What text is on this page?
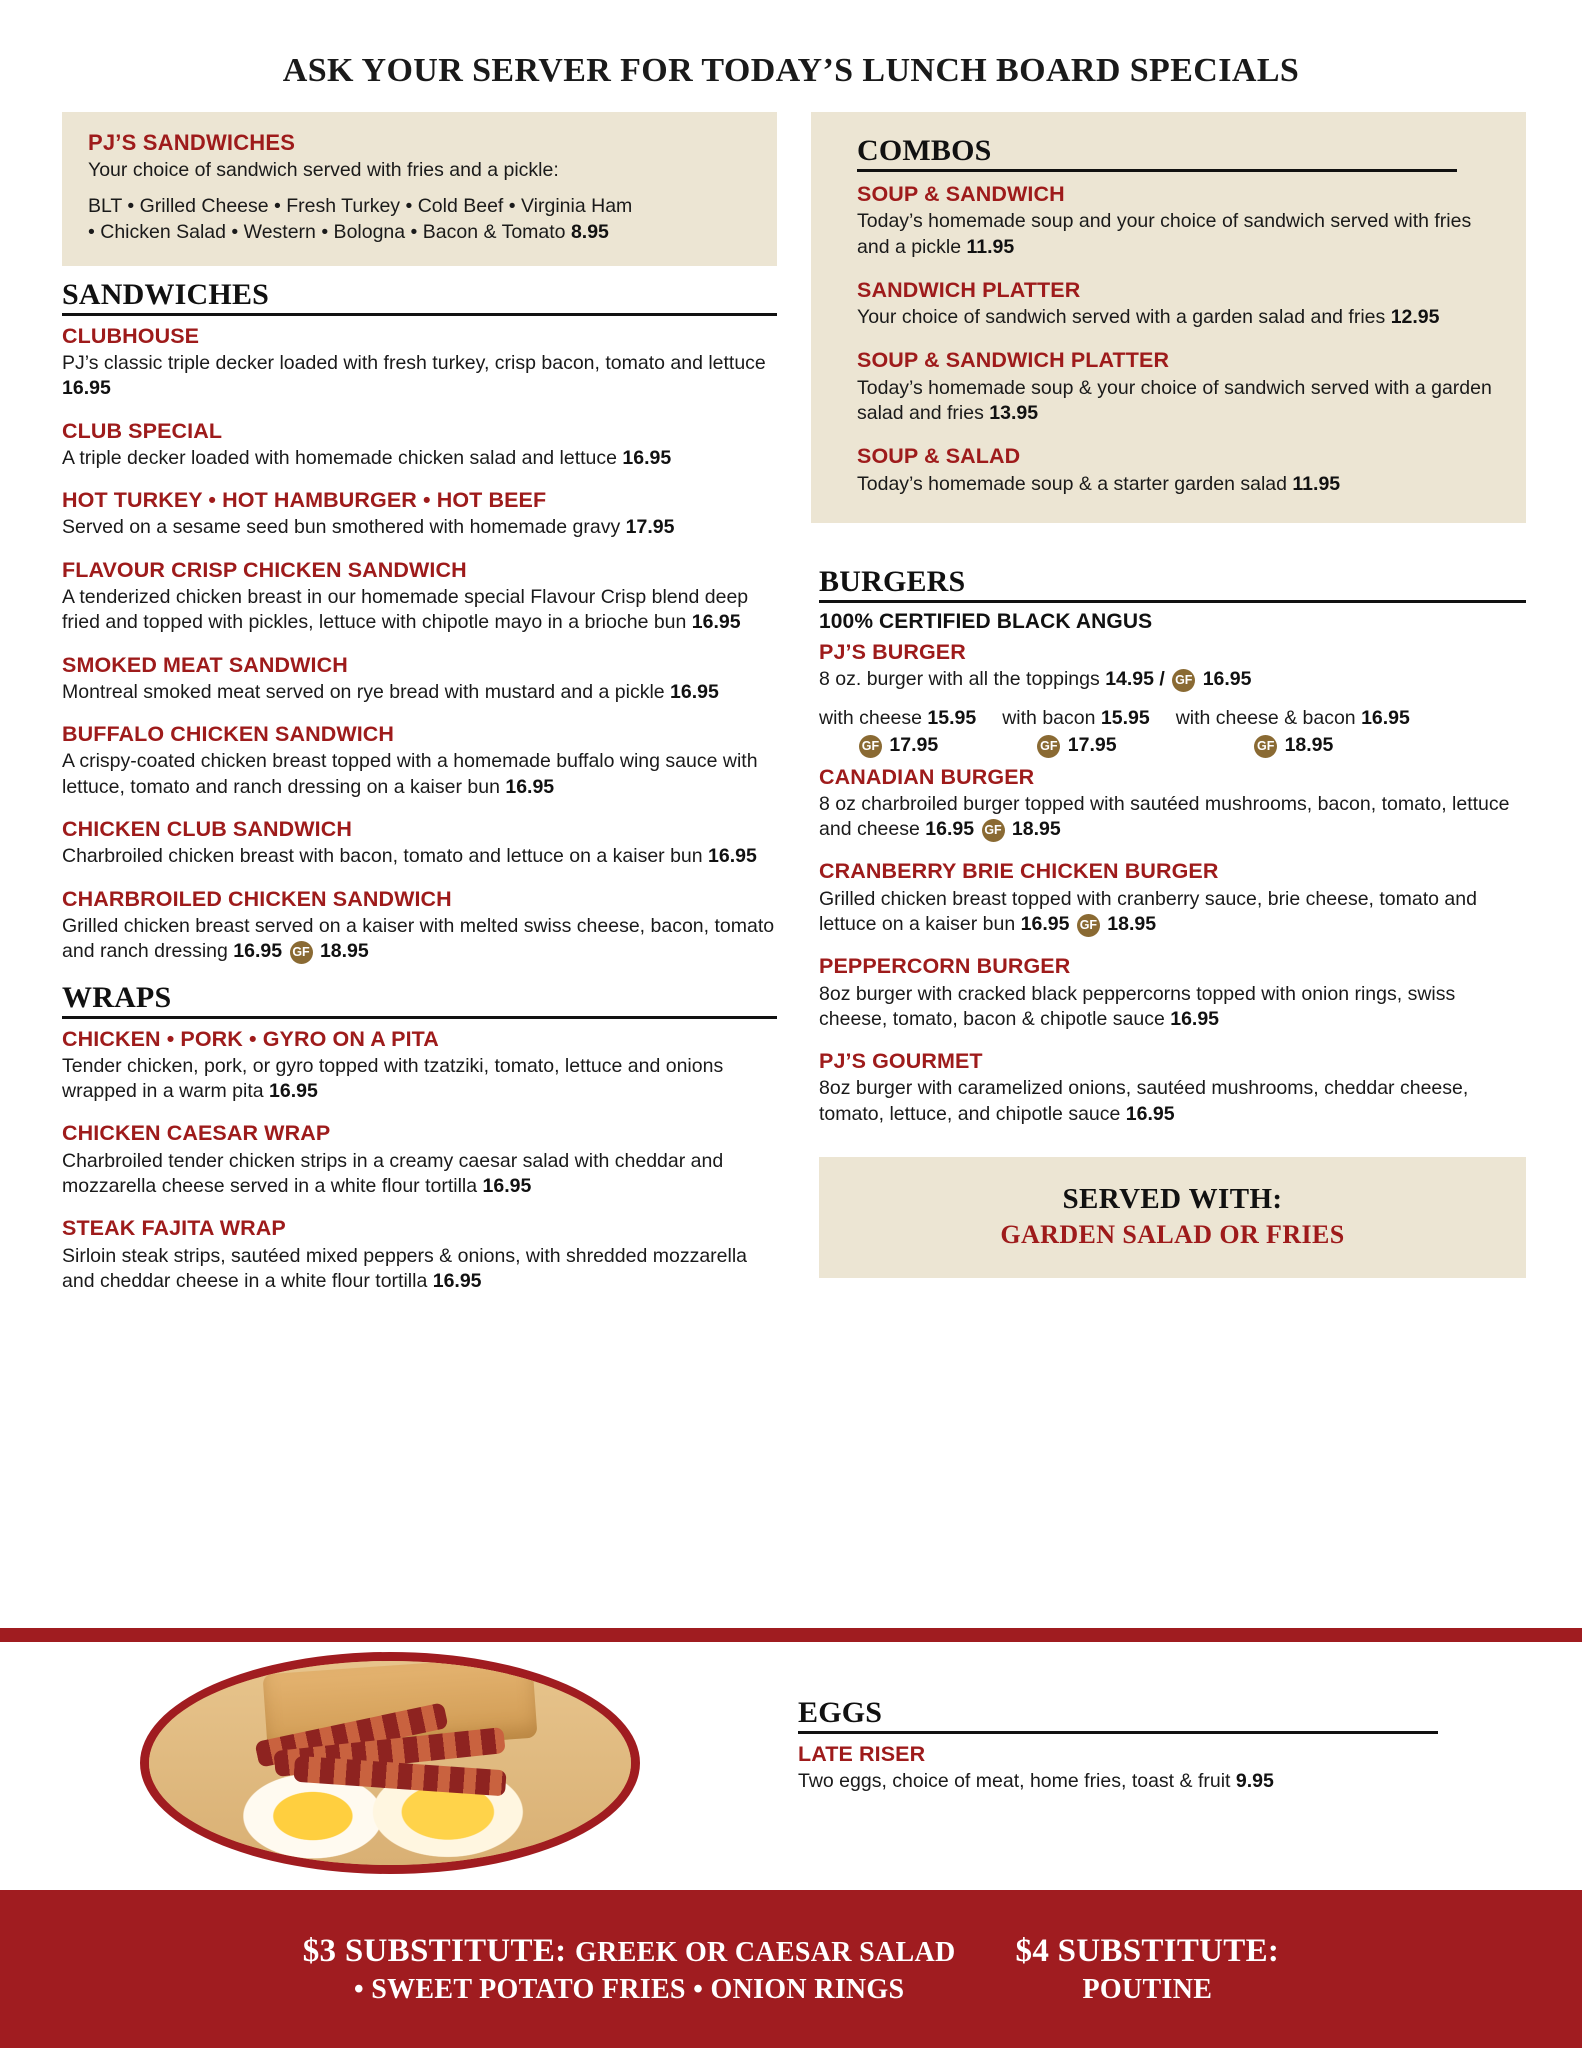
ASK YOUR SERVER FOR TODAY’S LUNCH BOARD SPECIALS
PJ’S SANDWICHES
Your choice of sandwich served with fries and a pickle:
BLT • Grilled Cheese • Fresh Turkey • Cold Beef • Virginia Ham
• Chicken Salad • Western • Bologna • Bacon & Tomato 8.95
SANDWICHES
CLUBHOUSE
PJ’s classic triple decker loaded with fresh turkey, crisp bacon, tomato and lettuce 16.95
CLUB SPECIAL
A triple decker loaded with homemade chicken salad and lettuce 16.95
HOT TURKEY • HOT HAMBURGER • HOT BEEF
Served on a sesame seed bun smothered with homemade gravy 17.95
FLAVOUR CRISP CHICKEN SANDWICH
A tenderized chicken breast in our homemade special Flavour Crisp blend deep fried and topped with pickles, lettuce with chipotle mayo in a brioche bun 16.95
SMOKED MEAT SANDWICH
Montreal smoked meat served on rye bread with mustard and a pickle 16.95
BUFFALO CHICKEN SANDWICH
A crispy-coated chicken breast topped with a homemade buffalo wing sauce with lettuce, tomato and ranch dressing on a kaiser bun 16.95
CHICKEN CLUB SANDWICH
Charbroiled chicken breast with bacon, tomato and lettuce on a kaiser bun 16.95
CHARBROILED CHICKEN SANDWICH
Grilled chicken breast served on a kaiser with melted swiss cheese, bacon, tomato and ranch dressing 16.95 GF 18.95
WRAPS
CHICKEN • PORK • GYRO ON A PITA
Tender chicken, pork, or gyro topped with tzatziki, tomato, lettuce and onions wrapped in a warm pita 16.95
CHICKEN CAESAR WRAP
Charbroiled tender chicken strips in a creamy caesar salad with cheddar and mozzarella cheese served in a white flour tortilla 16.95
STEAK FAJITA WRAP
Sirloin steak strips, sautéed mixed peppers & onions, with shredded mozzarella and cheddar cheese in a white flour tortilla 16.95
COMBOS
SOUP & SANDWICH
Today’s homemade soup and your choice of sandwich served with fries and a pickle 11.95
SANDWICH PLATTER
Your choice of sandwich served with a garden salad and fries 12.95
SOUP & SANDWICH PLATTER
Today’s homemade soup & your choice of sandwich served with a garden salad and fries 13.95
SOUP & SALAD
Today’s homemade soup & a starter garden salad 11.95
BURGERS
100% CERTIFIED BLACK ANGUS
PJ’S BURGER
8 oz. burger with all the toppings 14.95 / GF 16.95
with cheese 15.95
GF 17.95
with bacon 15.95
GF 17.95
with cheese & bacon 16.95
GF 18.95
CANADIAN BURGER
8 oz charbroiled burger topped with sautéed mushrooms, bacon, tomato, lettuce and cheese 16.95 GF 18.95
CRANBERRY BRIE CHICKEN BURGER
Grilled chicken breast topped with cranberry sauce, brie cheese, tomato and lettuce on a kaiser bun 16.95 GF 18.95
PEPPERCORN BURGER
8oz burger with cracked black peppercorns topped with onion rings, swiss cheese, tomato, bacon & chipotle sauce 16.95
PJ’S GOURMET
8oz burger with caramelized onions, sautéed mushrooms, cheddar cheese, tomato, lettuce, and chipotle sauce 16.95
SERVED WITH:
GARDEN SALAD OR FRIES
EGGS
LATE RISER
Two eggs, choice of meat, home fries, toast & fruit 9.95
$3 SUBSTITUTE: GREEK OR CAESAR SALAD
• SWEET POTATO FRIES • ONION RINGS
$4 SUBSTITUTE:
POUTINE
